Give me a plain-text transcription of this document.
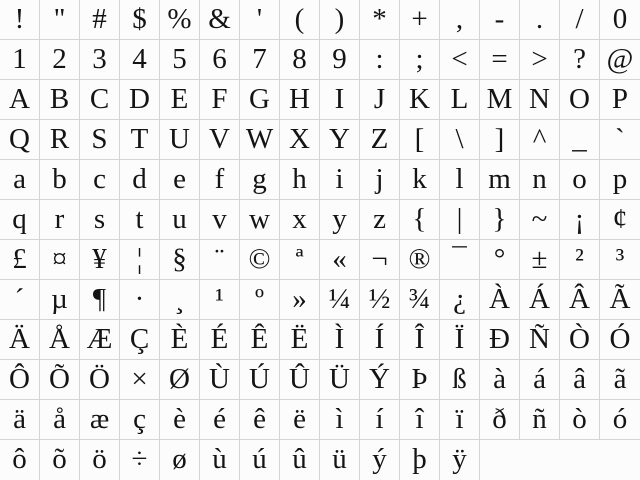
!	" # $ % & '	(	) * + ,	-	.	/	0
1 2 3 4 5 6 7 8 9 :	; < = > ? @
A B C D E F G H I	J K L M N O P
Q R S T U V W X Y Z [	\	] ^ _ `
a b c d e f g h i	j k l m n o p
q r	s	t u v w x y z {	|	} ~ ¡ ¢
£ ¤ ¥	¦	§ ¨ © ª « ¬ ® ¯ ° ± ²	³
´ µ ¶ ·	¸	¹	º » ¼ ½ ¾ ¿ À Á Â Ã
Ä Å Æ Ç È É Ê Ë Ì	Í	Î	Ï Ð Ñ Ò Ó
Ô Õ Ö × Ø Ù Ú Û Ü Ý Þ ß à á â ã
ä å æ ç è é ê ë	ì	í	î	ï ð ñ ò ó
ô õ ö ÷ ø ù ú û ü ý þ ÿ
